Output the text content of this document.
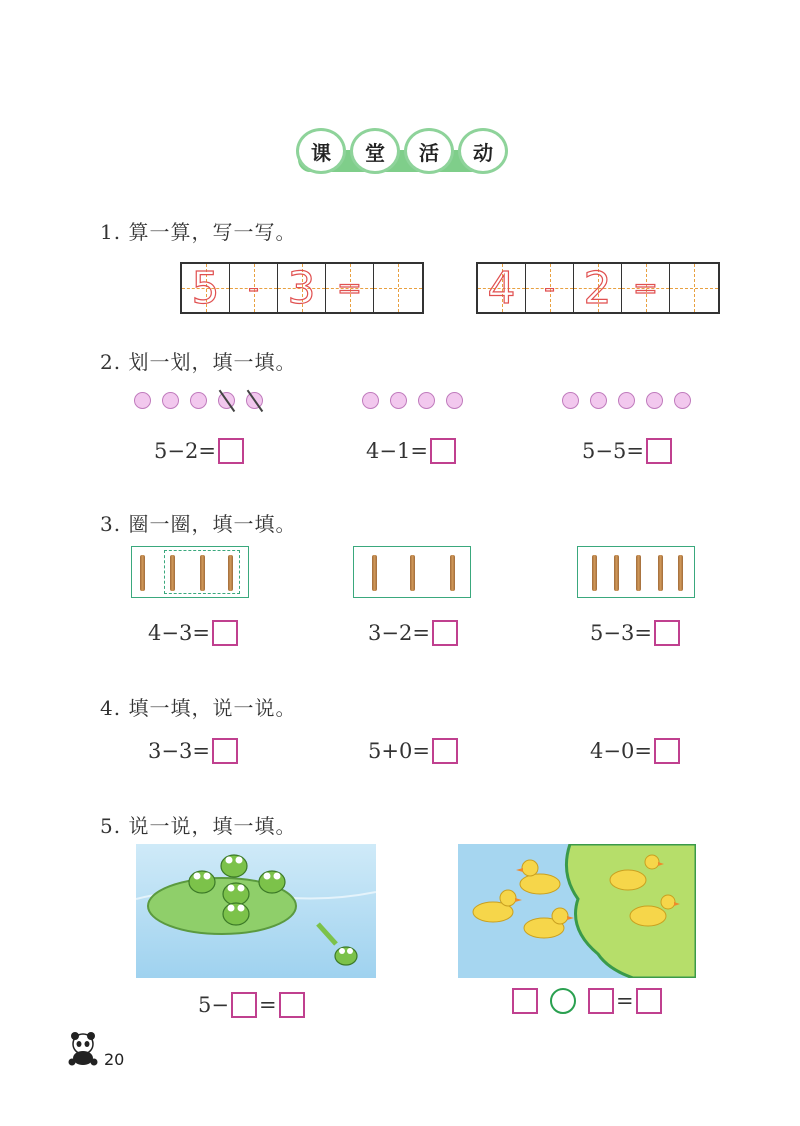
课	堂	活	动
1. 算一算，写一写。
5 - 3 =	4 - 2 =
2. 划一划，填一填。
5−2=	4−1=	5−5=
3. 圈一圈，填一填。
4−3=	3−2=	5−3=
4. 填一填，说一说。
3−3=	5+0=	4−0=
5. 说一说，填一填。
5− =	=
20
